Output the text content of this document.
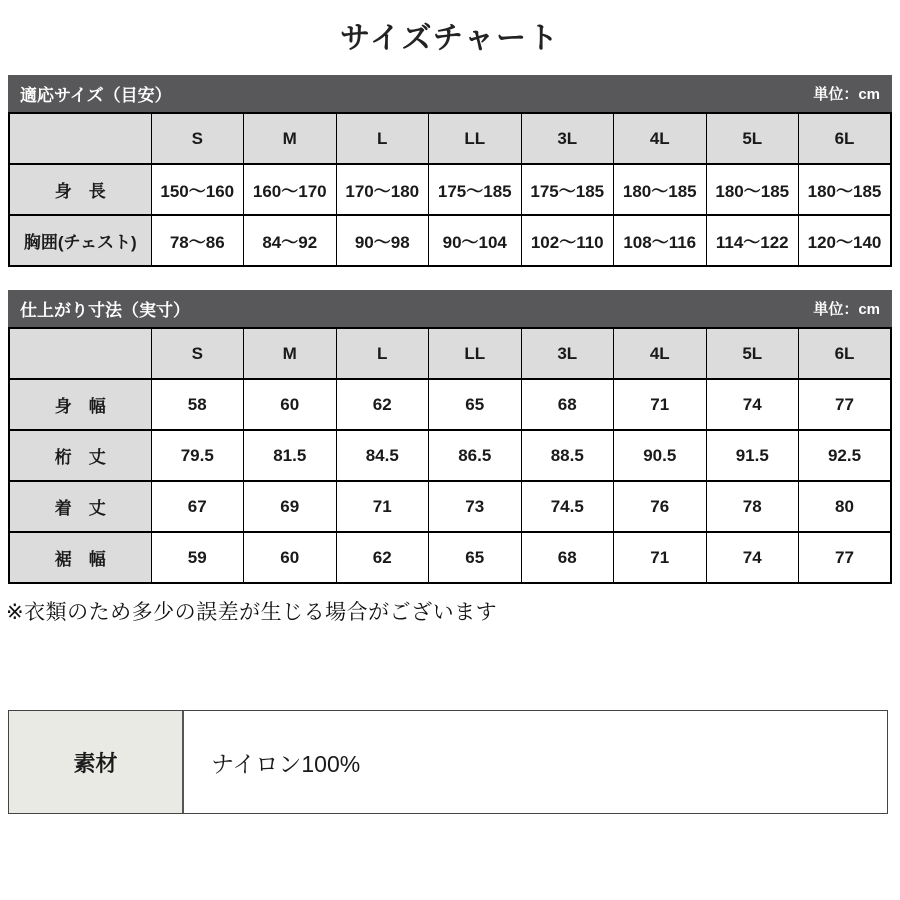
サイズチャート
適応サイズ（目安）	単位：cm
	S	M	L	LL	3L	4L	5L	6L
身　長	150〜160	160〜170	170〜180	175〜185	175〜185	180〜185	180〜185	180〜185
胸囲(チェスト)	78〜86	84〜92	90〜98	90〜104	102〜110	108〜116	114〜122	120〜140
仕上がり寸法（実寸）	単位：cm
	S	M	L	LL	3L	4L	5L	6L
身　幅	58	60	62	65	68	71	74	77
桁　丈	79.5	81.5	84.5	86.5	88.5	90.5	91.5	92.5
着　丈	67	69	71	73	74.5	76	78	80
裾　幅	59	60	62	65	68	71	74	77
※衣類のため多少の誤差が生じる場合がございます
素材	ナイロン100%
